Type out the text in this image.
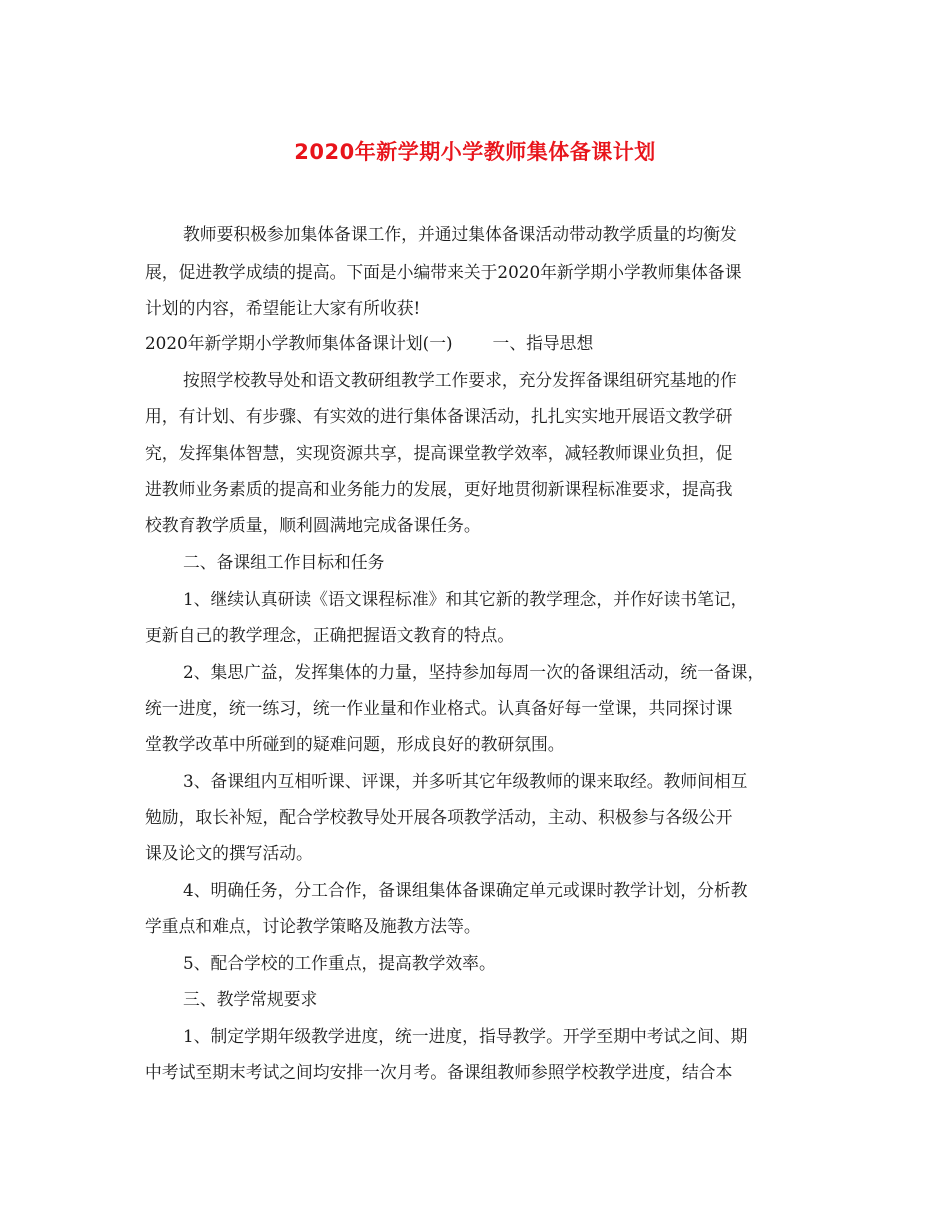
2020年新学期小学教师集体备课计划
教师要积极参加集体备课工作，并通过集体备课活动带动教学质量的均衡发
展，促进教学成绩的提高。下面是小编带来关于2020年新学期小学教师集体备课
计划的内容，希望能让大家有所收获!
2020年新学期小学教师集体备课计划(一) 一、指导思想
按照学校教导处和语文教研组教学工作要求，充分发挥备课组研究基地的作
用，有计划、有步骤、有实效的进行集体备课活动，扎扎实实地开展语文教学研
究，发挥集体智慧，实现资源共享，提高课堂教学效率，减轻教师课业负担，促
进教师业务素质的提高和业务能力的发展，更好地贯彻新课程标准要求，提高我
校教育教学质量，顺利圆满地完成备课任务。
二、备课组工作目标和任务
1、继续认真研读《语文课程标准》和其它新的教学理念，并作好读书笔记，
更新自己的教学理念，正确把握语文教育的特点。
2、集思广益，发挥集体的力量，坚持参加每周一次的备课组活动，统一备课，
统一进度，统一练习，统一作业量和作业格式。认真备好每一堂课，共同探讨课
堂教学改革中所碰到的疑难问题，形成良好的教研氛围。
3、备课组内互相听课、评课，并多听其它年级教师的课来取经。教师间相互
勉励，取长补短，配合学校教导处开展各项教学活动，主动、积极参与各级公开
课及论文的撰写活动。
4、明确任务，分工合作，备课组集体备课确定单元或课时教学计划，分析教
学重点和难点，讨论教学策略及施教方法等。
5、配合学校的工作重点，提高教学效率。
三、教学常规要求
1、制定学期年级教学进度，统一进度，指导教学。开学至期中考试之间、期
中考试至期末考试之间均安排一次月考。备课组教师参照学校教学进度，结合本
